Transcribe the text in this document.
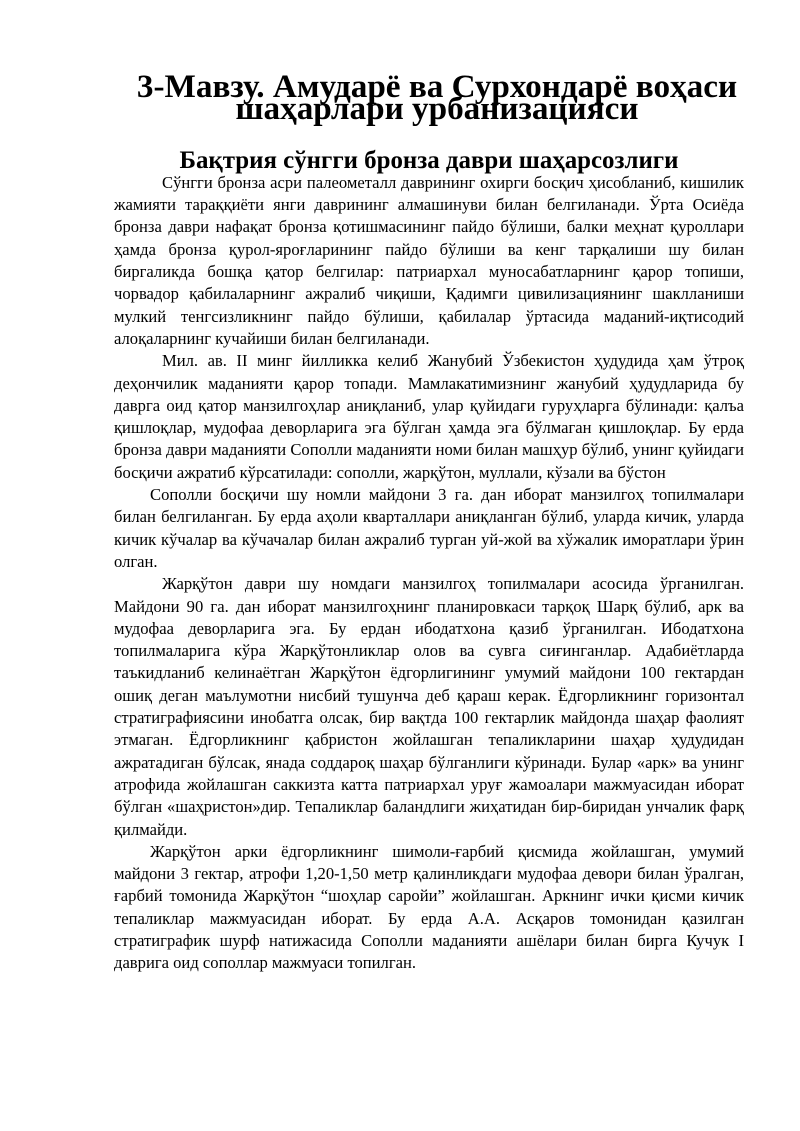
3-Мавзу. Амударё ва Сурхондарё воҳаси шаҳарлари урбанизацияси
Бақтрия сўнгги бронза даври шаҳарсозлиги

Сўнгги бронза асри палеометалл даврининг охирги босқич ҳисобланиб, кишилик жамияти тараққиёти янги даврининг алмашинуви билан белгиланади. Ўрта Осиёда бронза даври нафақат бронза қотишмасининг пайдо бўлиши, балки меҳнат қуроллари ҳамда бронза қурол-яроғларининг пайдо бўлиши ва кенг тарқалиши шу билан биргаликда бошқа қатор белгилар: патриархал муносабатларнинг қарор топиши, чорвадор қабилаларнинг ажралиб чиқиши, Қадимги цивилизациянинг шаклланиши мулкий тенгсизликнинг пайдо бўлиши, қабилалар ўртасида маданий-иқтисодий алоқаларнинг кучайиши билан белгиланади.

Мил. ав. II минг йилликка келиб Жанубий Ўзбекистон ҳудудида ҳам ўтроқ деҳончилик маданияти қарор топади. Мамлакатимизнинг жанубий ҳудудларида бу даврга оид қатор манзилгоҳлар аниқланиб, улар қуйидаги гуруҳларга бўлинади: қалъа қишлоқлар, мудофаа деворларига эга бўлган ҳамда эга бўлмаган қишлоқлар. Бу ерда бронза даври маданияти Сополли маданияти номи билан машҳур бўлиб, унинг қуйидаги босқичи ажратиб кўрсатилади: сополли, жарқўтон, муллали, кўзали ва бўстон

Сополли босқичи шу номли майдони 3 га. дан иборат манзилгоҳ топилмалари билан белгиланган. Бу ерда аҳоли кварталлари аниқланган бўлиб, уларда кичик, уларда кичик кўчалар ва кўчачалар билан ажралиб турган уй-жой ва хўжалик иморатлари ўрин олган.

Жарқўтон даври шу номдаги манзилгоҳ топилмалари асосида ўрганилган. Майдони 90 га. дан иборат манзилгоҳнинг планировкаси тарқоқ Шарқ бўлиб, арк ва мудофаа деворларига эга. Бу ердан ибодатхона қазиб ўрганилган. Ибодатхона топилмаларига кўра Жарқўтонликлар олов ва сувга сиғинганлар. Адабиётларда таъкидланиб келинаётган Жарқўтон ёдгорлигининг умумий майдони 100 гектардан ошиқ деган маълумотни нисбий тушунча деб қараш керак. Ёдгорликнинг горизонтал стратиграфиясини инобатга олсак, бир вақтда 100 гектарлик майдонда шаҳар фаолият этмаган. Ёдгорликнинг қабристон жойлашган тепаликларини шаҳар ҳудудидан ажратадиган бўлсак, янада соддароқ шаҳар бўлганлиги кўринади. Булар «арк» ва унинг атрофида жойлашган саккизта катта патриархал уруғ жамоалари мажмуасидан иборат бўлган «шаҳристон»дир. Тепаликлар баландлиги жиҳатидан бир-биридан унчалик фарқ қилмайди.

Жарқўтон арки ёдгорликнинг шимоли-ғарбий қисмида жойлашган, умумий майдони 3 гектар, атрофи 1,20-1,50 метр қалинликдаги мудофаа девори билан ўралган, ғарбий томонида Жарқўтон “шоҳлар саройи” жойлашган. Аркнинг ички қисми кичик тепаликлар мажмуасидан иборат. Бу ерда А.А. Асқаров томонидан қазилган стратиграфик шурф натижасида Сополли маданияти ашёлари билан бирга Кучук I даврига оид сополлар мажмуаси топилган.
